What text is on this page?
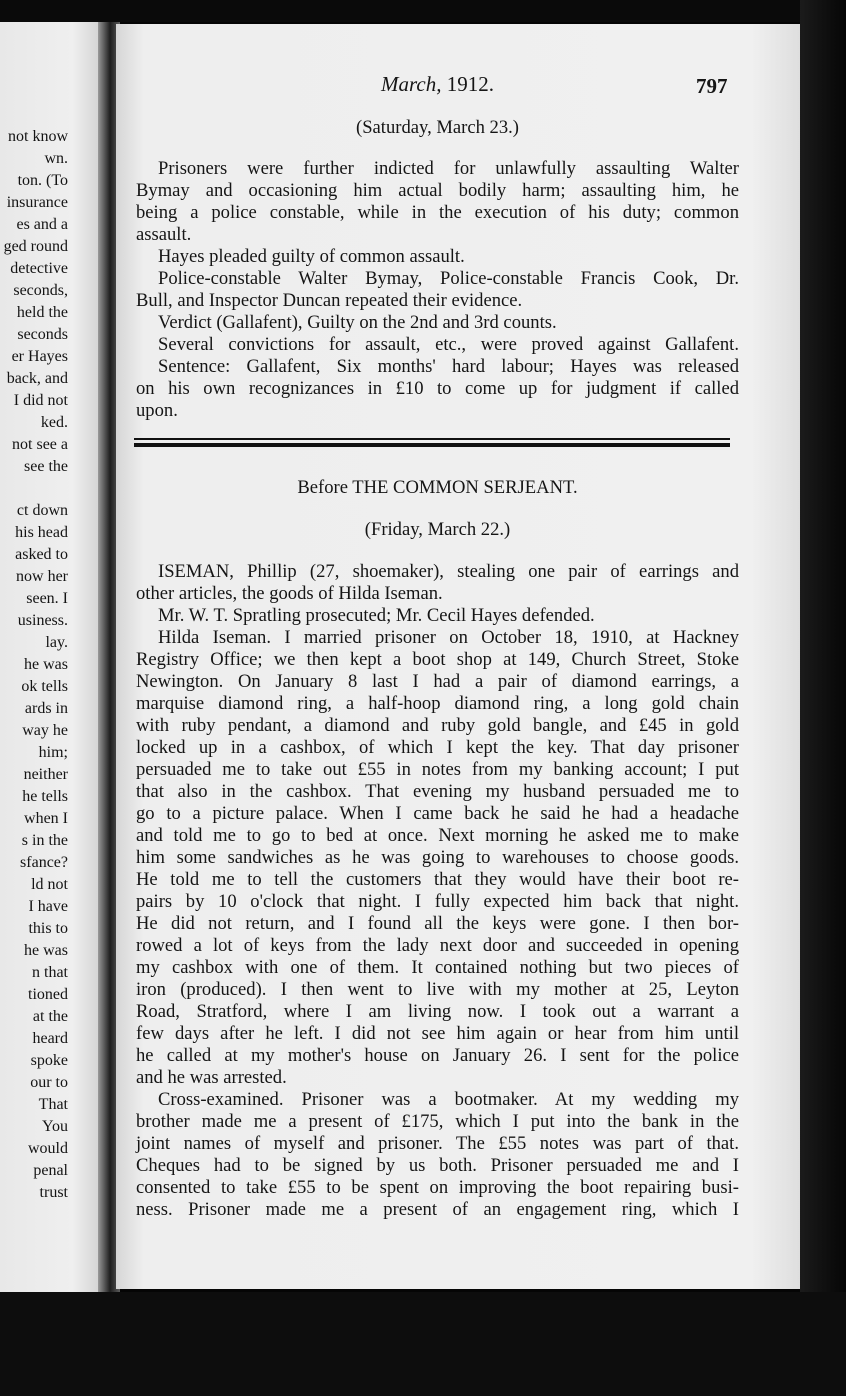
not know
wn.
ton. (To
insurance
es and a
ged round
detective
seconds,
held the
seconds
er Hayes
back, and
I did not
ked.
not see a
see the
ct down
his head
asked to
now her
seen. I
usiness.
lay.
he was
ok tells
ards in
way he
him;
neither
he tells
when I
s in the
sfance?
ld not
I have
this to
he was
n that
tioned
at the
heard
spoke
our to
That
You
would
penal
trust
March, 1912.	797
(Saturday, March 23.)
Prisoners were further indicted for unlawfully assaulting Walter
Bymay and occasioning him actual bodily harm; assaulting him, he
being a police constable, while in the execution of his duty; common
assault.
Hayes pleaded guilty of common assault.
Police-constable Walter Bymay, Police-constable Francis Cook, Dr.
Bull, and Inspector Duncan repeated their evidence.
Verdict (Gallafent), Guilty on the 2nd and 3rd counts.
Several convictions for assault, etc., were proved against Gallafent.
Sentence: Gallafent, Six months' hard labour; Hayes was released
on his own recognizances in £10 to come up for judgment if called
upon.
Before THE COMMON SERJEANT.
(Friday, March 22.)
ISEMAN, Phillip (27, shoemaker), stealing one pair of earrings and
other articles, the goods of Hilda Iseman.
Mr. W. T. Spratling prosecuted; Mr. Cecil Hayes defended.
Hilda Iseman. I married prisoner on October 18, 1910, at Hackney
Registry Office; we then kept a boot shop at 149, Church Street, Stoke
Newington. On January 8 last I had a pair of diamond earrings, a
marquise diamond ring, a half-hoop diamond ring, a long gold chain
with ruby pendant, a diamond and ruby gold bangle, and £45 in gold
locked up in a cashbox, of which I kept the key. That day prisoner
persuaded me to take out £55 in notes from my banking account; I put
that also in the cashbox. That evening my husband persuaded me to
go to a picture palace. When I came back he said he had a headache
and told me to go to bed at once. Next morning he asked me to make
him some sandwiches as he was going to warehouses to choose goods.
He told me to tell the customers that they would have their boot re-
pairs by 10 o'clock that night. I fully expected him back that night.
He did not return, and I found all the keys were gone. I then bor-
rowed a lot of keys from the lady next door and succeeded in opening
my cashbox with one of them. It contained nothing but two pieces of
iron (produced). I then went to live with my mother at 25, Leyton
Road, Stratford, where I am living now. I took out a warrant a
few days after he left. I did not see him again or hear from him until
he called at my mother's house on January 26. I sent for the police
and he was arrested.
Cross-examined. Prisoner was a bootmaker. At my wedding my
brother made me a present of £175, which I put into the bank in the
joint names of myself and prisoner. The £55 notes was part of that.
Cheques had to be signed by us both. Prisoner persuaded me and I
consented to take £55 to be spent on improving the boot repairing busi-
ness. Prisoner made me a present of an engagement ring, which I
